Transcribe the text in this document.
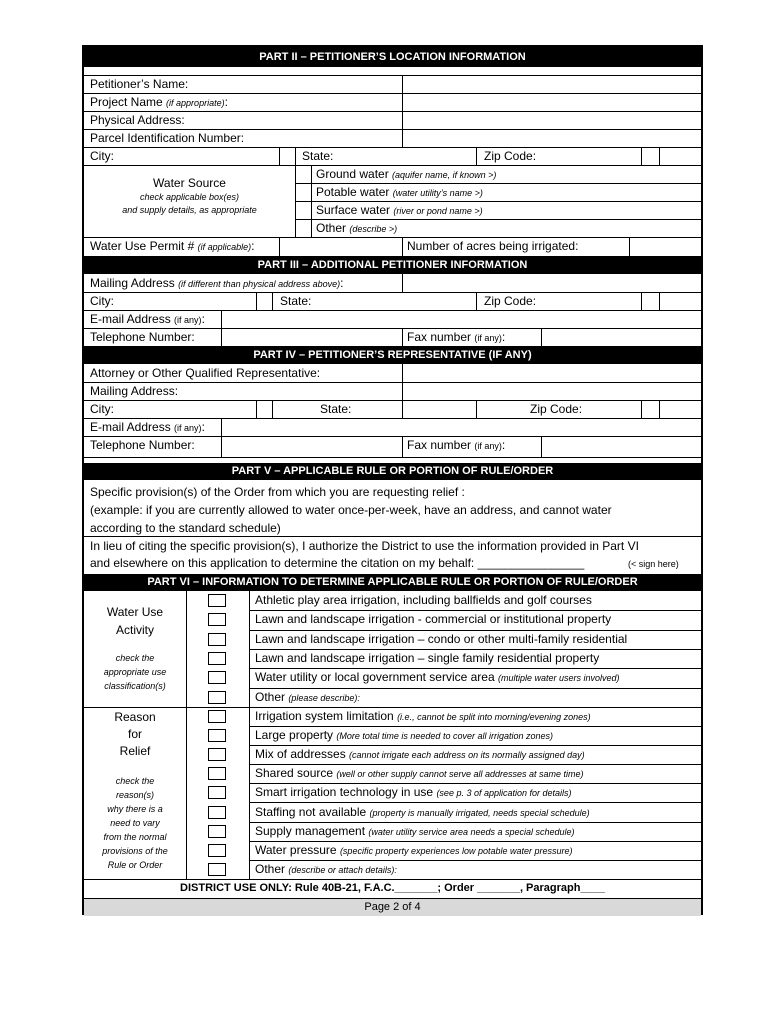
PART II – PETITIONER’S LOCATION INFORMATION
Petitioner’s Name:
Project Name (if appropriate):
Physical Address:
Parcel Identification Number:
City:	State:	Zip Code:
Water Source
check applicable box(es)
and supply details, as appropriate
Ground water (aquifer name, if known >)
Potable water (water utility’s name >)
Surface water (river or pond name >)
Other (describe >)
Water Use Permit # (if applicable):	Number of acres being irrigated:
PART III – ADDITIONAL PETITIONER INFORMATION
Mailing Address (if different than physical address above):
City:	State:	Zip Code:
E-mail Address (if any):
Telephone Number:	Fax number (if any):
PART IV – PETITIONER’S REPRESENTATIVE (IF ANY)
Attorney or Other Qualified Representative:
Mailing Address:
City:	State:	Zip Code:
E-mail Address (if any):
Telephone Number:	Fax number (if any):
PART V – APPLICABLE RULE OR PORTION OF RULE/ORDER
Specific provision(s) of the Order from which you are requesting relief :
(example: if you are currently allowed to water once-per-week, have an address, and cannot water
according to the standard schedule)
In lieu of citing the specific provision(s), I authorize the District to use the information provided in Part VI
and elsewhere on this application to determine the citation on my behalf: ________________	(< sign here)
PART VI – INFORMATION TO DETERMINE APPLICABLE RULE OR PORTION OF RULE/ORDER
Water Use
Activity
check the
appropriate use
classification(s)
Athletic play area irrigation, including ballfields and golf courses
Lawn and landscape irrigation - commercial or institutional property
Lawn and landscape irrigation – condo or other multi-family residential
Lawn and landscape irrigation – single family residential property
Water utility or local government service area (multiple water users involved)
Other (please describe):
Reason
for
Relief
check the
reason(s)
why there is a
need to vary
from the normal
provisions of the
Rule or Order
Irrigation system limitation (i.e., cannot be split into morning/evening zones)
Large property (More total time is needed to cover all irrigation zones)
Mix of addresses (cannot irrigate each address on its normally assigned day)
Shared source (well or other supply cannot serve all addresses at same time)
Smart irrigation technology in use (see p. 3 of application for details)
Staffing not available (property is manually irrigated, needs special schedule)
Supply management (water utility service area needs a special schedule)
Water pressure (specific property experiences low potable water pressure)
Other (describe or attach details):
DISTRICT USE ONLY: Rule 40B-21, F.A.C._______; Order _______, Paragraph____
Page 2 of 4
